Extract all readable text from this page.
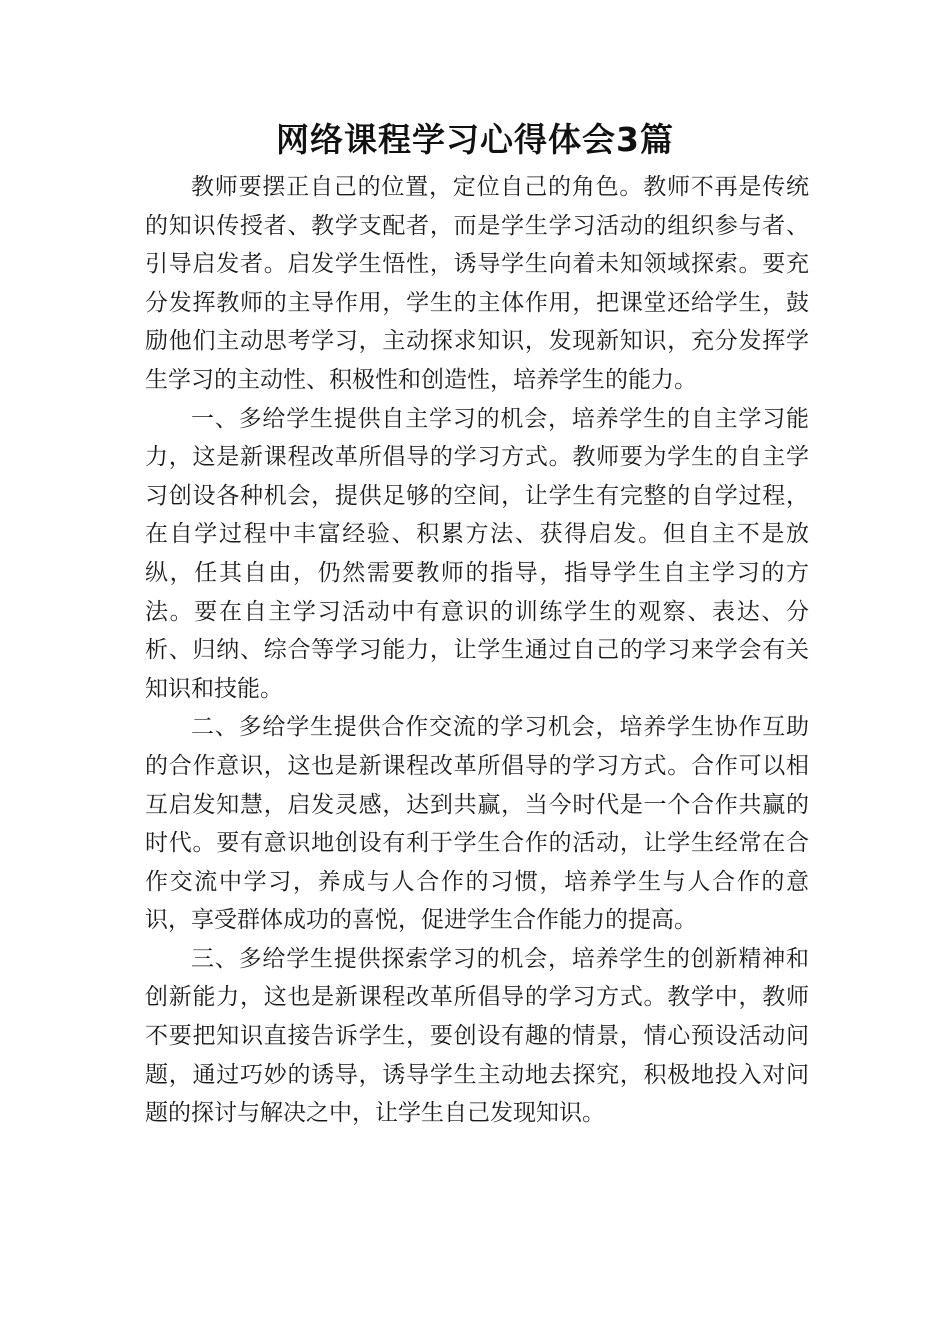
网络课程学习心得体会3篇

教师要摆正自己的位置，定位自己的角色。教师不再是传统的知识传授者、教学支配者，而是学生学习活动的组织参与者、引导启发者。启发学生悟性，诱导学生向着未知领域探索。要充分发挥教师的主导作用，学生的主体作用，把课堂还给学生，鼓励他们主动思考学习，主动探求知识，发现新知识，充分发挥学生学习的主动性、积极性和创造性，培养学生的能力。

一、多给学生提供自主学习的机会，培养学生的自主学习能力，这是新课程改革所倡导的学习方式。教师要为学生的自主学习创设各种机会，提供足够的空间，让学生有完整的自学过程，在自学过程中丰富经验、积累方法、获得启发。但自主不是放纵，任其自由，仍然需要教师的指导，指导学生自主学习的方法。要在自主学习活动中有意识的训练学生的观察、表达、分析、归纳、综合等学习能力，让学生通过自己的学习来学会有关知识和技能。

二、多给学生提供合作交流的学习机会，培养学生协作互助的合作意识，这也是新课程改革所倡导的学习方式。合作可以相互启发知慧，启发灵感，达到共赢，当今时代是一个合作共赢的时代。要有意识地创设有利于学生合作的活动，让学生经常在合作交流中学习，养成与人合作的习惯，培养学生与人合作的意识，享受群体成功的喜悦，促进学生合作能力的提高。

三、多给学生提供探索学习的机会，培养学生的创新精神和创新能力，这也是新课程改革所倡导的学习方式。教学中，教师不要把知识直接告诉学生，要创设有趣的情景，情心预设活动问题，通过巧妙的诱导，诱导学生主动地去探究，积极地投入对问题的探讨与解决之中，让学生自己发现知识。
